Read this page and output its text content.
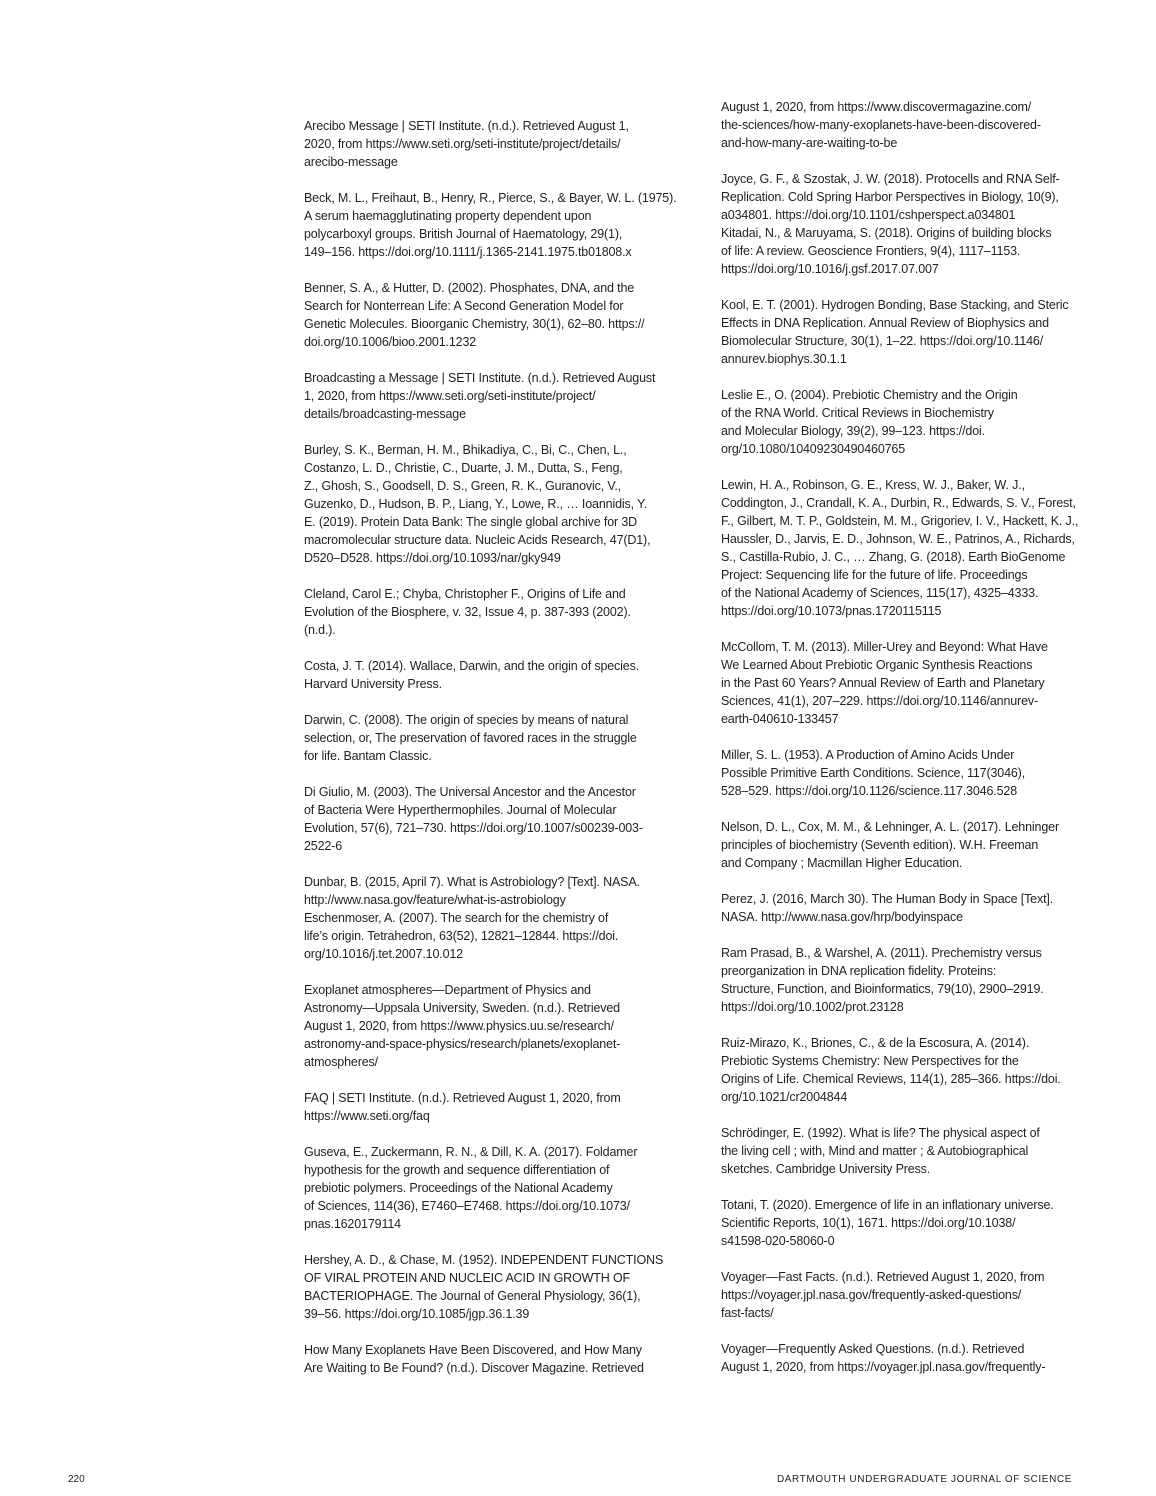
Arecibo Message | SETI Institute. (n.d.). Retrieved August 1,
2020, from https://www.seti.org/seti-institute/project/details/
arecibo-message

Beck, M. L., Freihaut, B., Henry, R., Pierce, S., & Bayer, W. L. (1975).
A serum haemagglutinating property dependent upon
polycarboxyl groups. British Journal of Haematology, 29(1),
149–156. https://doi.org/10.1111/j.1365-2141.1975.tb01808.x

Benner, S. A., & Hutter, D. (2002). Phosphates, DNA, and the
Search for Nonterrean Life: A Second Generation Model for
Genetic Molecules. Bioorganic Chemistry, 30(1), 62–80. https://
doi.org/10.1006/bioo.2001.1232

Broadcasting a Message | SETI Institute. (n.d.). Retrieved August
1, 2020, from https://www.seti.org/seti-institute/project/
details/broadcasting-message

Burley, S. K., Berman, H. M., Bhikadiya, C., Bi, C., Chen, L.,
Costanzo, L. D., Christie, C., Duarte, J. M., Dutta, S., Feng,
Z., Ghosh, S., Goodsell, D. S., Green, R. K., Guranovic, V.,
Guzenko, D., Hudson, B. P., Liang, Y., Lowe, R., … Ioannidis, Y.
E. (2019). Protein Data Bank: The single global archive for 3D
macromolecular structure data. Nucleic Acids Research, 47(D1),
D520–D528. https://doi.org/10.1093/nar/gky949

Cleland, Carol E.; Chyba, Christopher F., Origins of Life and
Evolution of the Biosphere, v. 32, Issue 4, p. 387-393 (2002).
(n.d.).

Costa, J. T. (2014). Wallace, Darwin, and the origin of species.
Harvard University Press.

Darwin, C. (2008). The origin of species by means of natural
selection, or, The preservation of favored races in the struggle
for life. Bantam Classic.

Di Giulio, M. (2003). The Universal Ancestor and the Ancestor
of Bacteria Were Hyperthermophiles. Journal of Molecular
Evolution, 57(6), 721–730. https://doi.org/10.1007/s00239-003-
2522-6

Dunbar, B. (2015, April 7). What is Astrobiology? [Text]. NASA.
http://www.nasa.gov/feature/what-is-astrobiology
Eschenmoser, A. (2007). The search for the chemistry of
life’s origin. Tetrahedron, 63(52), 12821–12844. https://doi.
org/10.1016/j.tet.2007.10.012

Exoplanet atmospheres—Department of Physics and
Astronomy—Uppsala University, Sweden. (n.d.). Retrieved
August 1, 2020, from https://www.physics.uu.se/research/
astronomy-and-space-physics/research/planets/exoplanet-
atmospheres/

FAQ | SETI Institute. (n.d.). Retrieved August 1, 2020, from
https://www.seti.org/faq

Guseva, E., Zuckermann, R. N., & Dill, K. A. (2017). Foldamer
hypothesis for the growth and sequence differentiation of
prebiotic polymers. Proceedings of the National Academy
of Sciences, 114(36), E7460–E7468. https://doi.org/10.1073/
pnas.1620179114

Hershey, A. D., & Chase, M. (1952). INDEPENDENT FUNCTIONS
OF VIRAL PROTEIN AND NUCLEIC ACID IN GROWTH OF
BACTERIOPHAGE. The Journal of General Physiology, 36(1),
39–56. https://doi.org/10.1085/jgp.36.1.39

How Many Exoplanets Have Been Discovered, and How Many
Are Waiting to Be Found? (n.d.). Discover Magazine. Retrieved

August 1, 2020, from https://www.discovermagazine.com/
the-sciences/how-many-exoplanets-have-been-discovered-
and-how-many-are-waiting-to-be

Joyce, G. F., & Szostak, J. W. (2018). Protocells and RNA Self-
Replication. Cold Spring Harbor Perspectives in Biology, 10(9),
a034801. https://doi.org/10.1101/cshperspect.a034801
Kitadai, N., & Maruyama, S. (2018). Origins of building blocks
of life: A review. Geoscience Frontiers, 9(4), 1117–1153.
https://doi.org/10.1016/j.gsf.2017.07.007

Kool, E. T. (2001). Hydrogen Bonding, Base Stacking, and Steric
Effects in DNA Replication. Annual Review of Biophysics and
Biomolecular Structure, 30(1), 1–22. https://doi.org/10.1146/
annurev.biophys.30.1.1

Leslie E., O. (2004). Prebiotic Chemistry and the Origin
of the RNA World. Critical Reviews in Biochemistry
and Molecular Biology, 39(2), 99–123. https://doi.
org/10.1080/10409230490460765

Lewin, H. A., Robinson, G. E., Kress, W. J., Baker, W. J.,
Coddington, J., Crandall, K. A., Durbin, R., Edwards, S. V., Forest,
F., Gilbert, M. T. P., Goldstein, M. M., Grigoriev, I. V., Hackett, K. J.,
Haussler, D., Jarvis, E. D., Johnson, W. E., Patrinos, A., Richards,
S., Castilla-Rubio, J. C., … Zhang, G. (2018). Earth BioGenome
Project: Sequencing life for the future of life. Proceedings
of the National Academy of Sciences, 115(17), 4325–4333.
https://doi.org/10.1073/pnas.1720115115

McCollom, T. M. (2013). Miller-Urey and Beyond: What Have
We Learned About Prebiotic Organic Synthesis Reactions
in the Past 60 Years? Annual Review of Earth and Planetary
Sciences, 41(1), 207–229. https://doi.org/10.1146/annurev-
earth-040610-133457

Miller, S. L. (1953). A Production of Amino Acids Under
Possible Primitive Earth Conditions. Science, 117(3046),
528–529. https://doi.org/10.1126/science.117.3046.528

Nelson, D. L., Cox, M. M., & Lehninger, A. L. (2017). Lehninger
principles of biochemistry (Seventh edition). W.H. Freeman
and Company ; Macmillan Higher Education.

Perez, J. (2016, March 30). The Human Body in Space [Text].
NASA. http://www.nasa.gov/hrp/bodyinspace

Ram Prasad, B., & Warshel, A. (2011). Prechemistry versus
preorganization in DNA replication fidelity. Proteins:
Structure, Function, and Bioinformatics, 79(10), 2900–2919.
https://doi.org/10.1002/prot.23128

Ruiz-Mirazo, K., Briones, C., & de la Escosura, A. (2014).
Prebiotic Systems Chemistry: New Perspectives for the
Origins of Life. Chemical Reviews, 114(1), 285–366. https://doi.
org/10.1021/cr2004844

Schrödinger, E. (1992). What is life? The physical aspect of
the living cell ; with, Mind and matter ; & Autobiographical
sketches. Cambridge University Press.

Totani, T. (2020). Emergence of life in an inflationary universe.
Scientific Reports, 10(1), 1671. https://doi.org/10.1038/
s41598-020-58060-0

Voyager—Fast Facts. (n.d.). Retrieved August 1, 2020, from
https://voyager.jpl.nasa.gov/frequently-asked-questions/
fast-facts/

Voyager—Frequently Asked Questions. (n.d.). Retrieved
August 1, 2020, from https://voyager.jpl.nasa.gov/frequently-

220	DARTMOUTH UNDERGRADUATE JOURNAL OF SCIENCE
